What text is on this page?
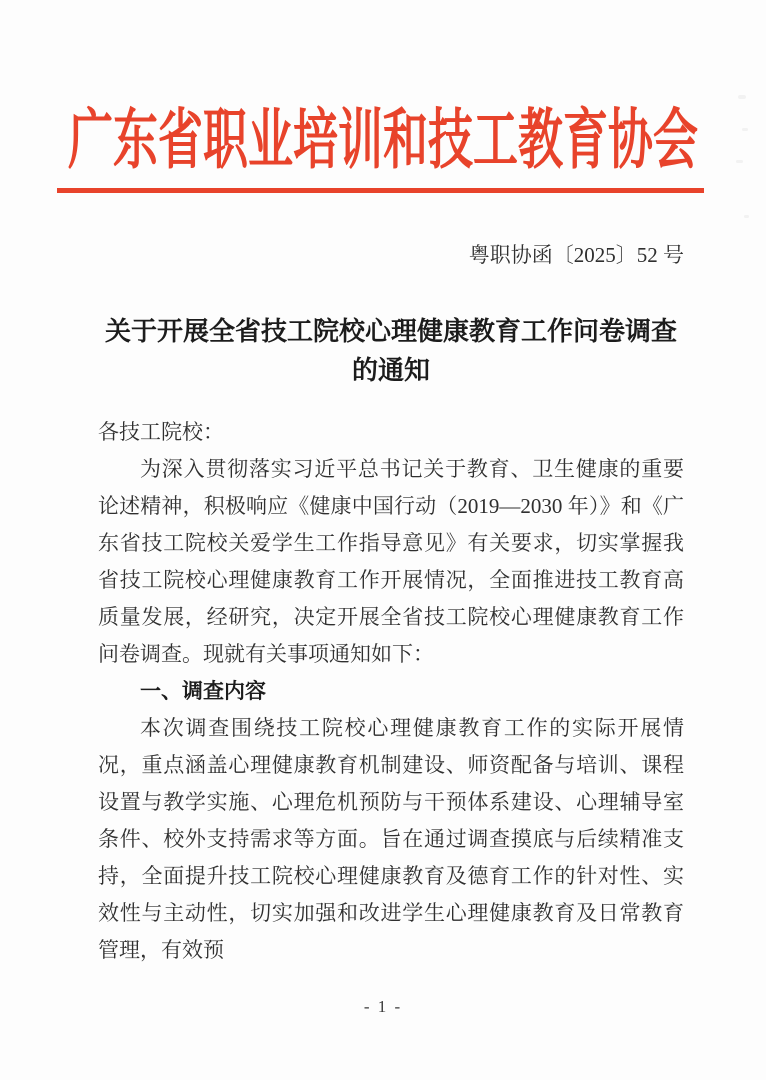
广东省职业培训和技工教育协会
粤职协函〔2025〕52 号
关于开展全省技工院校心理健康教育工作问卷调查
的通知

各技工院校：

为深入贯彻落实习近平总书记关于教育、卫生健康的重要论述精神，积极响应《健康中国行动（2019—2030 年）》和《广东省技工院校关爱学生工作指导意见》有关要求，切实掌握我省技工院校心理健康教育工作开展情况，全面推进技工教育高质量发展，经研究，决定开展全省技工院校心理健康教育工作问卷调查。现就有关事项通知如下：

一、调查内容

本次调查围绕技工院校心理健康教育工作的实际开展情况，重点涵盖心理健康教育机制建设、师资配备与培训、课程设置与教学实施、心理危机预防与干预体系建设、心理辅导室条件、校外支持需求等方面。旨在通过调查摸底与后续精准支持，全面提升技工院校心理健康教育及德育工作的针对性、实效性与主动性，切实加强和改进学生心理健康教育及日常教育管理，有效预

- 1 -
